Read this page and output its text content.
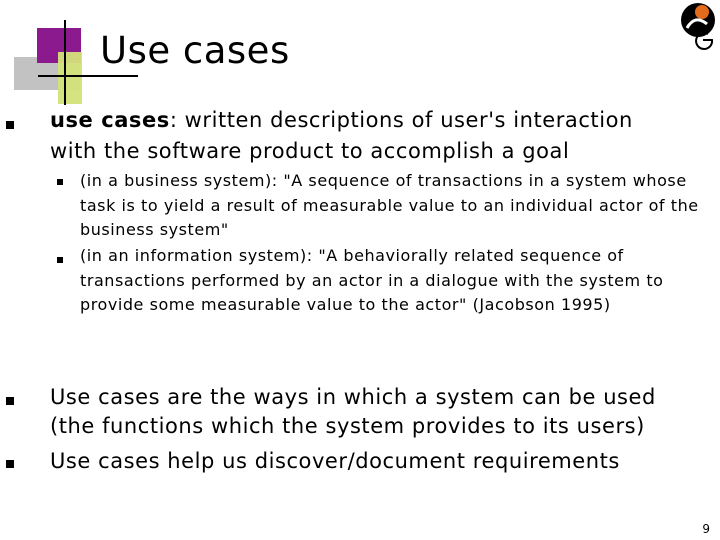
Use cases
use cases: written descriptions of user's interaction
with the software product to accomplish a goal
(in a business system): "A sequence of transactions in a system whose task is to yield a result of measurable value to an individual actor of the business system"
(in an information system): "A behaviorally related sequence of transactions performed by an actor in a dialogue with the system to provide some measurable value to the actor" (Jacobson 1995)
Use cases are the ways in which a system can be used
(the functions which the system provides to its users)
Use cases help us discover/document requirements
9
